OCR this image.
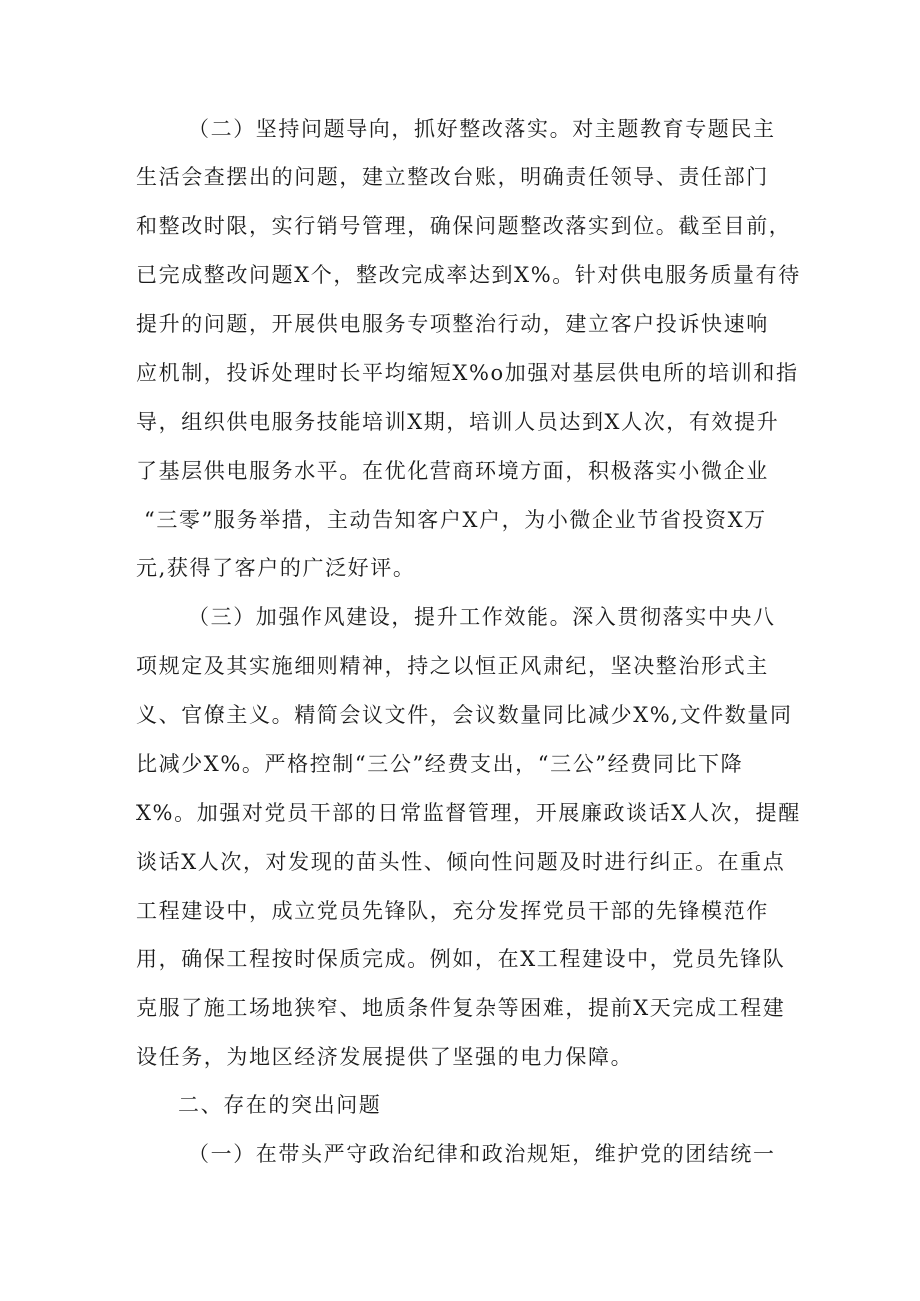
（二）坚持问题导向，抓好整改落实。对主题教育专题民主
生活会查摆出的问题，建立整改台账，明确责任领导、责任部门
和整改时限，实行销号管理，确保问题整改落实到位。截至目前，
已完成整改问题X个，整改完成率达到X%。针对供电服务质量有待
提升的问题，开展供电服务专项整治行动，建立客户投诉快速响
应机制，投诉处理时长平均缩短X%o加强对基层供电所的培训和指
导，组织供电服务技能培训X期，培训人员达到X人次，有效提升
了基层供电服务水平。在优化营商环境方面，积极落实小微企业
“三零”服务举措，主动告知客户X户，为小微企业节省投资X万
元,获得了客户的广泛好评。
（三）加强作风建设，提升工作效能。深入贯彻落实中央八
项规定及其实施细则精神，持之以恒正风肃纪，坚决整治形式主
义、官僚主义。精简会议文件，会议数量同比减少X%,文件数量同
比减少X%。严格控制“三公”经费支出，“三公”经费同比下降
X%。加强对党员干部的日常监督管理，开展廉政谈话X人次，提醒
谈话X人次，对发现的苗头性、倾向性问题及时进行纠正。在重点
工程建设中，成立党员先锋队，充分发挥党员干部的先锋模范作
用，确保工程按时保质完成。例如，在X工程建设中，党员先锋队
克服了施工场地狭窄、地质条件复杂等困难，提前X天完成工程建
设任务，为地区经济发展提供了坚强的电力保障。
二、存在的突出问题
（一）在带头严守政治纪律和政治规矩，维护党的团结统一
